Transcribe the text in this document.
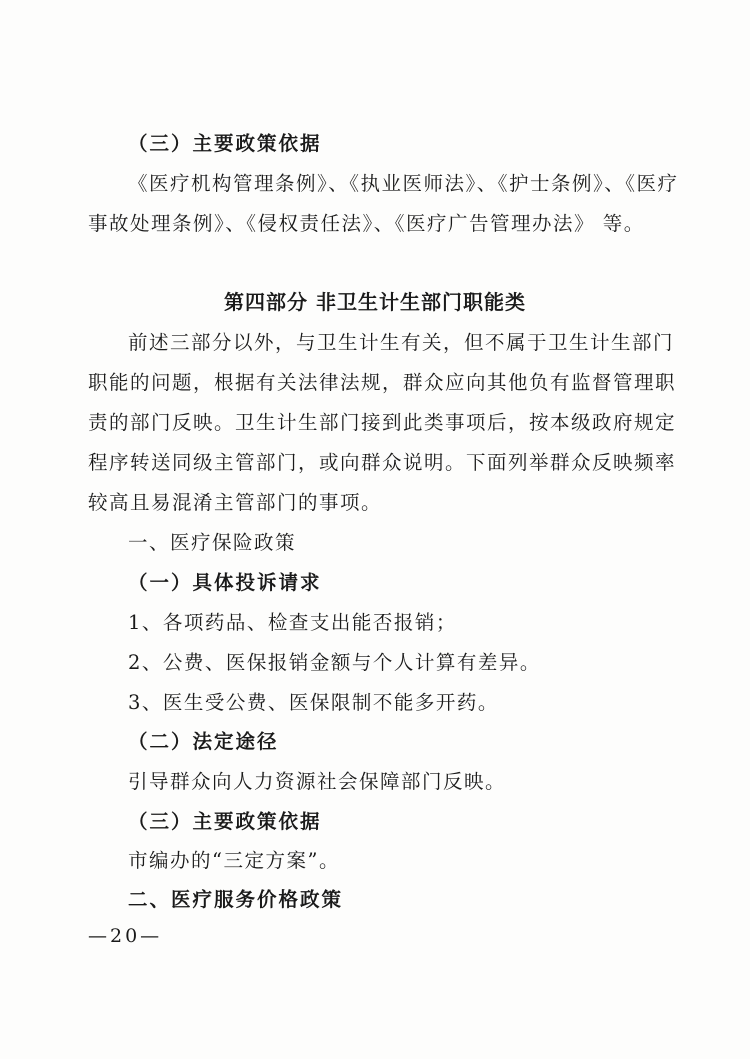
（三）主要政策依据
《医疗机构管理条例》、《执业医师法》、《护士条例》、《医疗
事故处理条例》、《侵权责任法》、《医疗广告管理办法》 等。
第四部分 非卫生计生部门职能类
前述三部分以外，与卫生计生有关，但不属于卫生计生部门
职能的问题，根据有关法律法规，群众应向其他负有监督管理职
责的部门反映。卫生计生部门接到此类事项后，按本级政府规定
程序转送同级主管部门，或向群众说明。下面列举群众反映频率
较高且易混淆主管部门的事项。
一、医疗保险政策
（一）具体投诉请求
1、各项药品、检查支出能否报销；
2、公费、医保报销金额与个人计算有差异。
3、医生受公费、医保限制不能多开药。
（二）法定途径
引导群众向人力资源社会保障部门反映。
（三）主要政策依据
市编办的“三定方案”。
二、医疗服务价格政策
—20—
